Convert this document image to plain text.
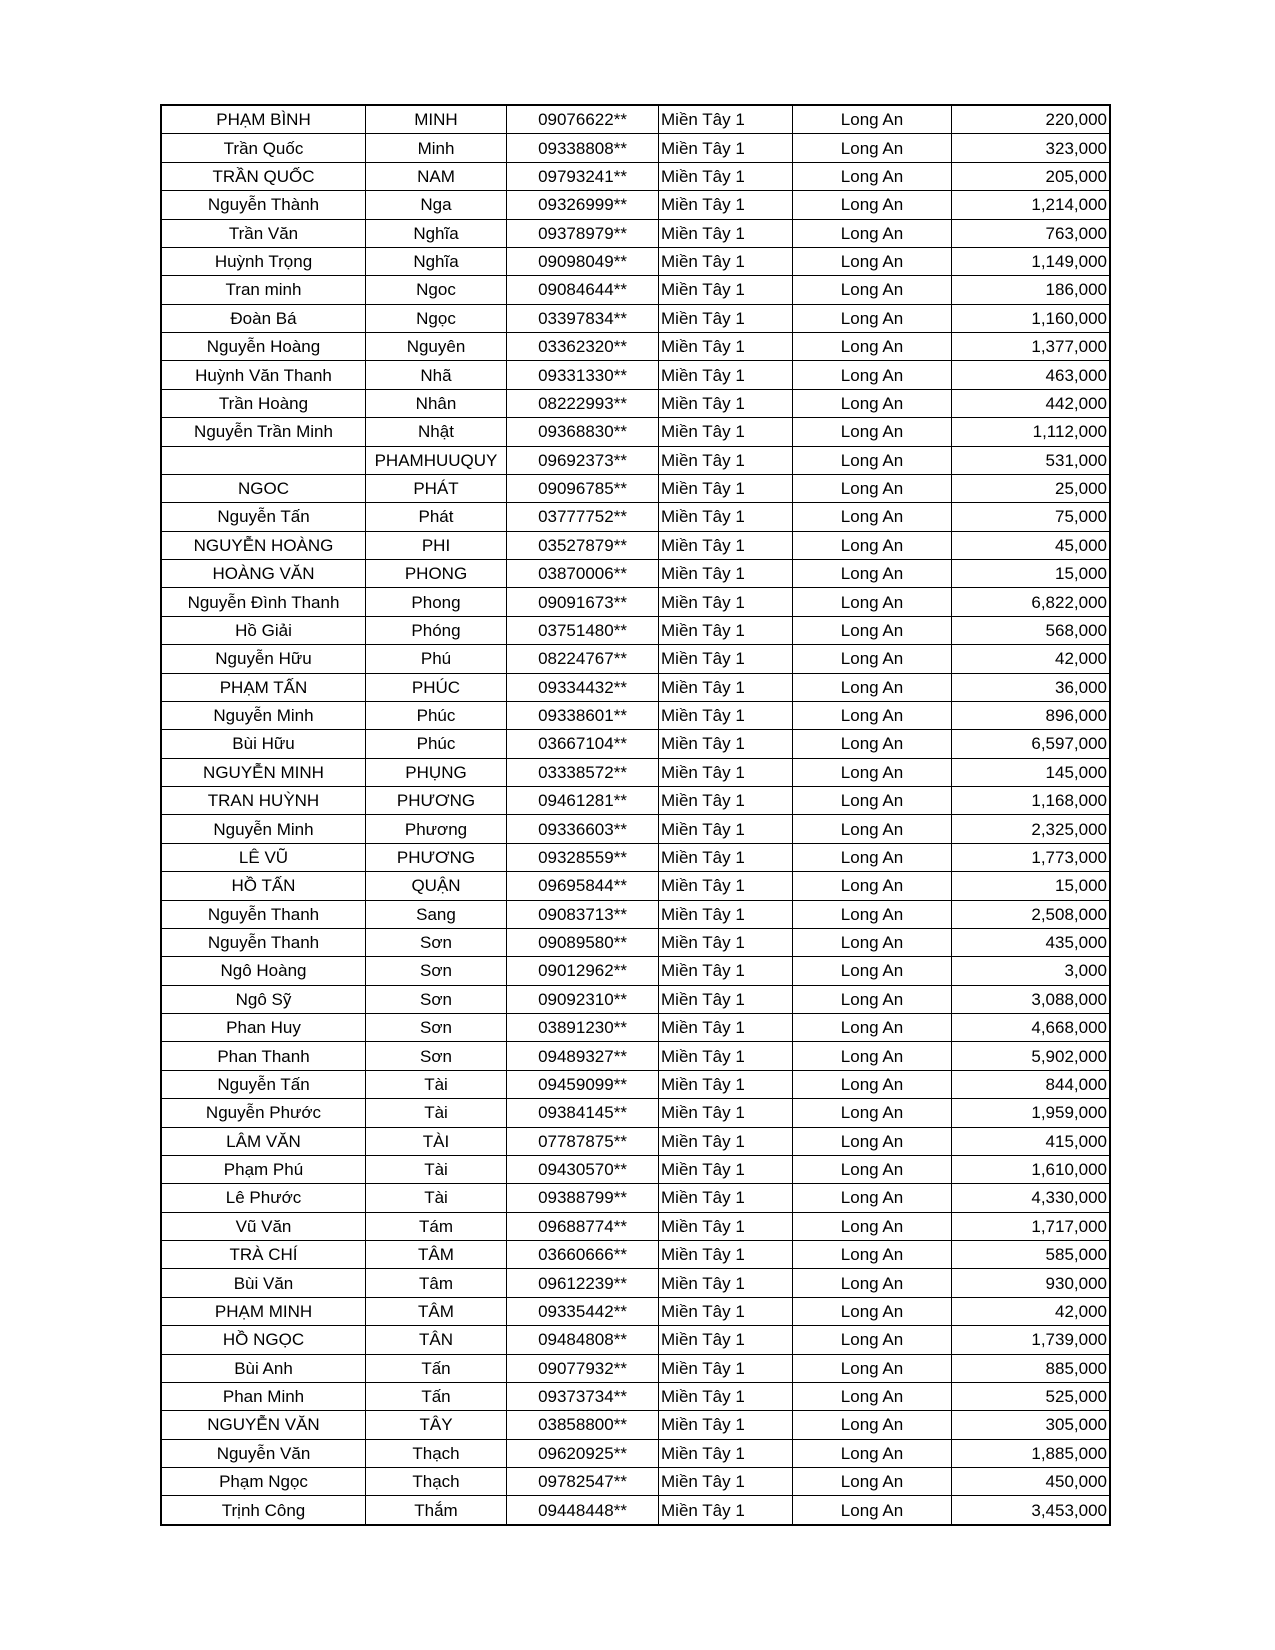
PHẠM BÌNH	MINH	09076622**	Miền Tây 1	Long An	220,000
Trần Quốc	Minh	09338808**	Miền Tây 1	Long An	323,000
TRẦN QUỐC	NAM	09793241**	Miền Tây 1	Long An	205,000
Nguyễn Thành	Nga	09326999**	Miền Tây 1	Long An	1,214,000
Trần Văn	Nghĩa	09378979**	Miền Tây 1	Long An	763,000
Huỳnh Trọng	Nghĩa	09098049**	Miền Tây 1	Long An	1,149,000
Tran minh	Ngoc	09084644**	Miền Tây 1	Long An	186,000
Đoàn Bá	Ngọc	03397834**	Miền Tây 1	Long An	1,160,000
Nguyễn Hoàng	Nguyên	03362320**	Miền Tây 1	Long An	1,377,000
Huỳnh Văn Thanh	Nhã	09331330**	Miền Tây 1	Long An	463,000
Trần Hoàng	Nhân	08222993**	Miền Tây 1	Long An	442,000
Nguyễn Trần Minh	Nhật	09368830**	Miền Tây 1	Long An	1,112,000
	PHAMHUUQUY	09692373**	Miền Tây 1	Long An	531,000
NGOC	PHÁT	09096785**	Miền Tây 1	Long An	25,000
Nguyễn Tấn	Phát	03777752**	Miền Tây 1	Long An	75,000
NGUYỄN HOÀNG	PHI	03527879**	Miền Tây 1	Long An	45,000
HOÀNG VĂN	PHONG	03870006**	Miền Tây 1	Long An	15,000
Nguyễn Đình Thanh	Phong	09091673**	Miền Tây 1	Long An	6,822,000
Hồ Giải	Phóng	03751480**	Miền Tây 1	Long An	568,000
Nguyễn Hữu	Phú	08224767**	Miền Tây 1	Long An	42,000
PHẠM TẤN	PHÚC	09334432**	Miền Tây 1	Long An	36,000
Nguyễn Minh	Phúc	09338601**	Miền Tây 1	Long An	896,000
Bùi Hữu	Phúc	03667104**	Miền Tây 1	Long An	6,597,000
NGUYỄN MINH	PHỤNG	03338572**	Miền Tây 1	Long An	145,000
TRAN HUỲNH	PHƯƠNG	09461281**	Miền Tây 1	Long An	1,168,000
Nguyễn Minh	Phương	09336603**	Miền Tây 1	Long An	2,325,000
LÊ VŨ	PHƯƠNG	09328559**	Miền Tây 1	Long An	1,773,000
HỒ TẤN	QUẬN	09695844**	Miền Tây 1	Long An	15,000
Nguyễn Thanh	Sang	09083713**	Miền Tây 1	Long An	2,508,000
Nguyễn Thanh	Sơn	09089580**	Miền Tây 1	Long An	435,000
Ngô Hoàng	Sơn	09012962**	Miền Tây 1	Long An	3,000
Ngô Sỹ	Sơn	09092310**	Miền Tây 1	Long An	3,088,000
Phan Huy	Sơn	03891230**	Miền Tây 1	Long An	4,668,000
Phan Thanh	Sơn	09489327**	Miền Tây 1	Long An	5,902,000
Nguyễn Tấn	Tài	09459099**	Miền Tây 1	Long An	844,000
Nguyễn Phước	Tài	09384145**	Miền Tây 1	Long An	1,959,000
LÂM VĂN	TÀI	07787875**	Miền Tây 1	Long An	415,000
Phạm Phú	Tài	09430570**	Miền Tây 1	Long An	1,610,000
Lê Phước	Tài	09388799**	Miền Tây 1	Long An	4,330,000
Vũ Văn	Tám	09688774**	Miền Tây 1	Long An	1,717,000
TRÀ CHÍ	TÂM	03660666**	Miền Tây 1	Long An	585,000
Bùi Văn	Tâm	09612239**	Miền Tây 1	Long An	930,000
PHẠM MINH	TÂM	09335442**	Miền Tây 1	Long An	42,000
HỒ NGỌC	TÂN	09484808**	Miền Tây 1	Long An	1,739,000
Bùi Anh	Tấn	09077932**	Miền Tây 1	Long An	885,000
Phan Minh	Tấn	09373734**	Miền Tây 1	Long An	525,000
NGUYỄN VĂN	TÂY	03858800**	Miền Tây 1	Long An	305,000
Nguyễn Văn	Thạch	09620925**	Miền Tây 1	Long An	1,885,000
Phạm Ngọc	Thạch	09782547**	Miền Tây 1	Long An	450,000
Trịnh Công	Thắm	09448448**	Miền Tây 1	Long An	3,453,000
